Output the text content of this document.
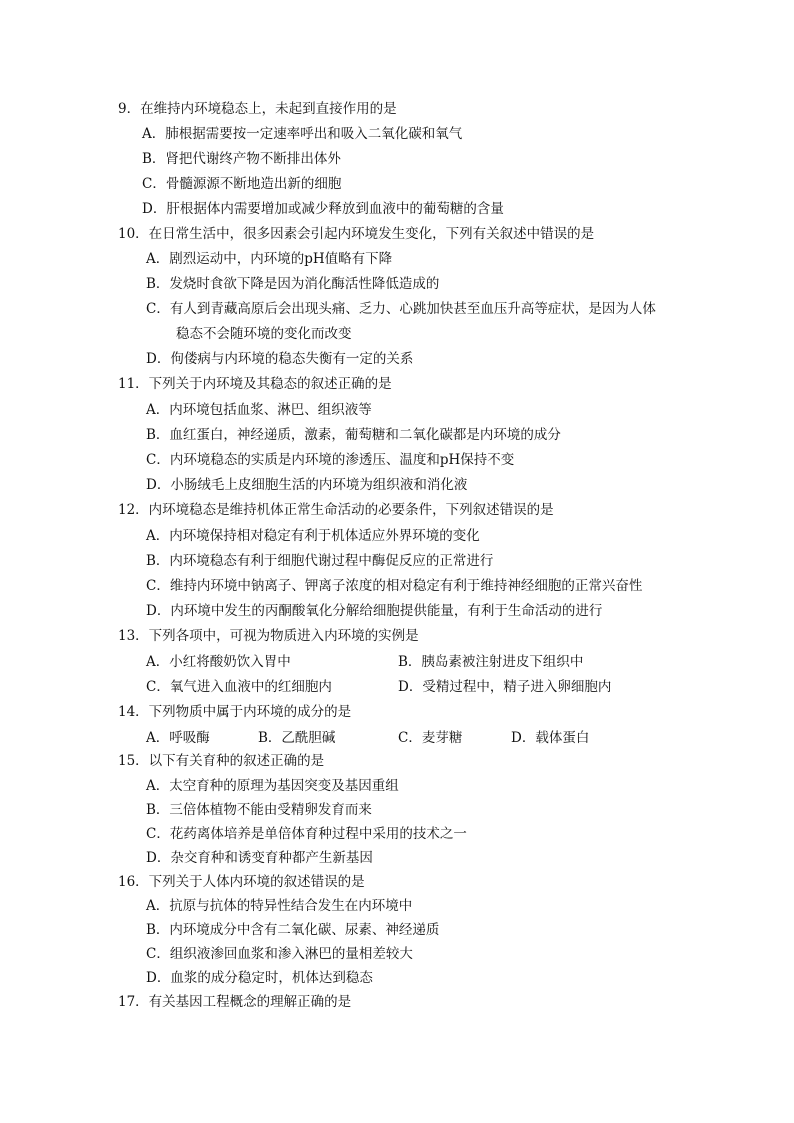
9．在维持内环境稳态上，未起到直接作用的是
A．肺根据需要按一定速率呼出和吸入二氧化碳和氧气
B．肾把代谢终产物不断排出体外
C．骨髓源源不断地造出新的细胞
D．肝根据体内需要增加或减少释放到血液中的葡萄糖的含量
10．在日常生活中，很多因素会引起内环境发生变化，下列有关叙述中错误的是
A．剧烈运动中，内环境的pH值略有下降
B．发烧时食欲下降是因为消化酶活性降低造成的
C．有人到青藏高原后会出现头痛、乏力、心跳加快甚至血压升高等症状，是因为人体
稳态不会随环境的变化而改变
D．佝偻病与内环境的稳态失衡有一定的关系
11．下列关于内环境及其稳态的叙述正确的是
A．内环境包括血浆、淋巴、组织液等
B．血红蛋白，神经递质，激素，葡萄糖和二氧化碳都是内环境的成分
C．内环境稳态的实质是内环境的渗透压、温度和pH保持不变
D．小肠绒毛上皮细胞生活的内环境为组织液和消化液
12．内环境稳态是维持机体正常生命活动的必要条件，下列叙述错误的是
A．内环境保持相对稳定有利于机体适应外界环境的变化
B．内环境稳态有利于细胞代谢过程中酶促反应的正常进行
C．维持内环境中钠离子、钾离子浓度的相对稳定有利于维持神经细胞的正常兴奋性
D．内环境中发生的丙酮酸氧化分解给细胞提供能量，有利于生命活动的进行
13．下列各项中，可视为物质进入内环境的实例是
A．小红将酸奶饮入胃中	B．胰岛素被注射进皮下组织中
C．氧气进入血液中的红细胞内	D．受精过程中，精子进入卵细胞内
14．下列物质中属于内环境的成分的是
A．呼吸酶	B．乙酰胆碱	C．麦芽糖	D．载体蛋白
15．以下有关育种的叙述正确的是
A．太空育种的原理为基因突变及基因重组
B．三倍体植物不能由受精卵发育而来
C．花药离体培养是单倍体育种过程中采用的技术之一
D．杂交育种和诱变育种都产生新基因
16．下列关于人体内环境的叙述错误的是
A．抗原与抗体的特异性结合发生在内环境中
B．内环境成分中含有二氧化碳、尿素、神经递质
C．组织液渗回血浆和渗入淋巴的量相差较大
D．血浆的成分稳定时，机体达到稳态
17．有关基因工程概念的理解正确的是
